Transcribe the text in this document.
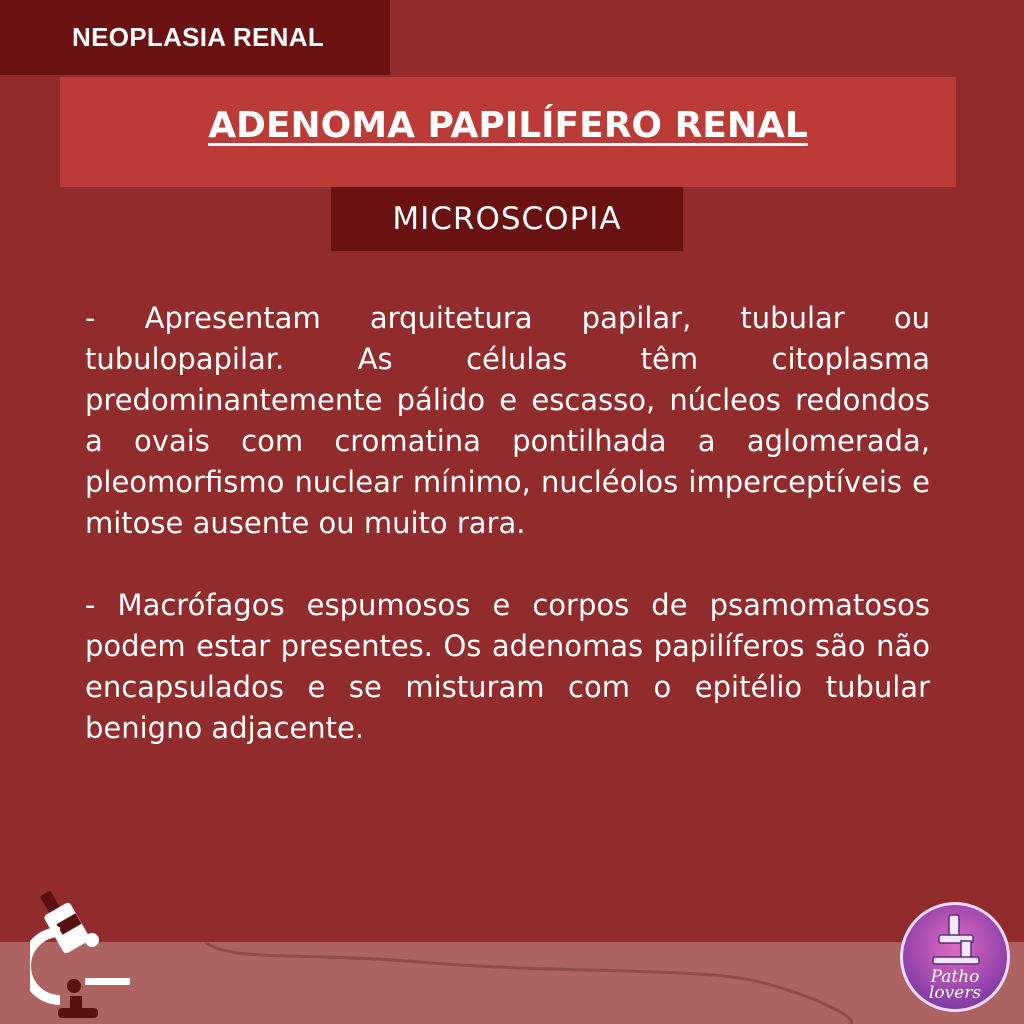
NEOPLASIA RENAL
ADENOMA PAPILÍFERO RENAL
MICROSCOPIA

- Apresentam arquitetura papilar, tubular ou tubulopapilar. As células têm citoplasma predominantemente pálido e escasso, núcleos redondos a ovais com cromatina pontilhada a aglomerada, pleomorfismo nuclear mínimo, nucléolos imperceptíveis e mitose ausente ou muito rara.

- Macrófagos espumosos e corpos de psamomatosos podem estar presentes. Os adenomas papilíferos são não encapsulados e se misturam com o epitélio tubular benigno adjacente.

Patho
lovers
